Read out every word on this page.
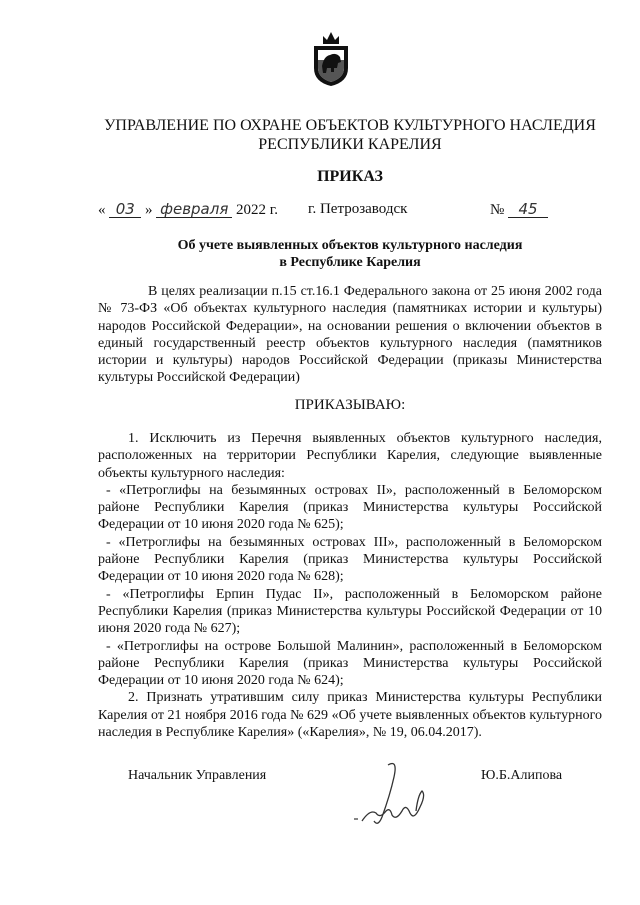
УПРАВЛЕНИЕ ПО ОХРАНЕ ОБЪЕКТОВ КУЛЬТУРНОГО НАСЛЕДИЯ
РЕСПУБЛИКИ КАРЕЛИЯ
ПРИКАЗ
« 03 » февраля 2022 г. г. Петрозаводск	№ 45
Об учете выявленных объектов культурного наследия
в Республике Карелия
В целях реализации п.15 ст.16.1 Федерального закона от 25 июня 2002 года № 73-ФЗ «Об объектах культурного наследия (памятниках истории и культуры) народов Российской Федерации», на основании решения о включении объектов в единый государственный реестр объектов культурного наследия (памятников истории и культуры) народов Российской Федерации (приказы Министерства культуры Российской Федерации)
ПРИКАЗЫВАЮ:

1. Исключить из Перечня выявленных объектов культурного наследия, расположенных на территории Республики Карелия, следующие выявленные объекты культурного наследия:

- «Петроглифы на безымянных островах II», расположенный в Беломорском районе Республики Карелия (приказ Министерства культуры Российской Федерации от 10 июня 2020 года № 625);

- «Петроглифы на безымянных островах III», расположенный в Беломорском районе Республики Карелия (приказ Министерства культуры Российской Федерации от 10 июня 2020 года № 628);

- «Петроглифы Ерпин Пудас II», расположенный в Беломорском районе Республики Карелия (приказ Министерства культуры Российской Федерации от 10 июня 2020 года № 627);

- «Петроглифы на острове Большой Малинин», расположенный в Беломорском районе Республики Карелия (приказ Министерства культуры Российской Федерации от 10 июня 2020 года № 624);

2. Признать утратившим силу приказ Министерства культуры Республики Карелия от 21 ноября 2016 года № 629 «Об учете выявленных объектов культурного наследия в Республике Карелия» («Карелия», № 19, 06.04.2017).

Начальник Управления	Ю.Б.Алипова
